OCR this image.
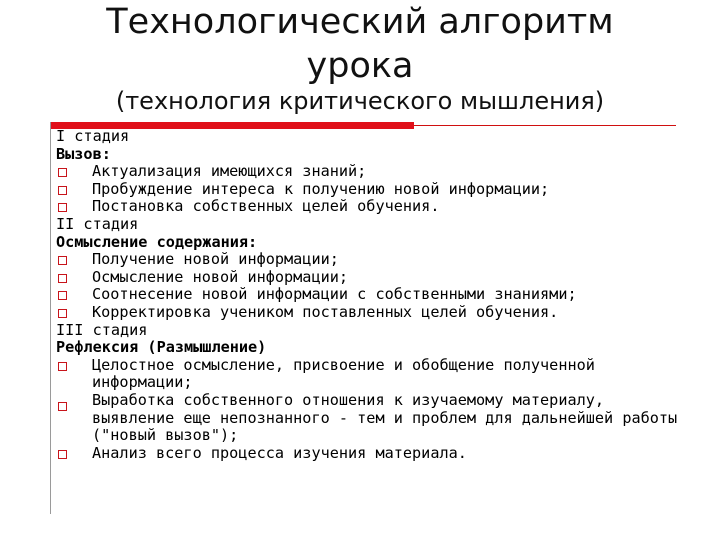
Технологический алгоритм
урока
(технология критического мышления)
I стадия
Вызов:
Актуализация имеющихся знаний;
Пробуждение интереса к получению новой информации;
Постановка собственных целей обучения.
II стадия
Осмысление содержания:
Получение новой информации;
Осмысление новой информации;
Соотнесение новой информации с собственными знаниями;
Корректировка учеником поставленных целей обучения.
III стадия
Рефлексия (Размышление)
Целостное осмысление, присвоение и обобщение полученной информации;
Выработка собственного отношения к изучаемому материалу, выявление еще непознанного - тем и проблем для дальнейшей работы ("новый вызов");
Анализ всего процесса изучения материала.
